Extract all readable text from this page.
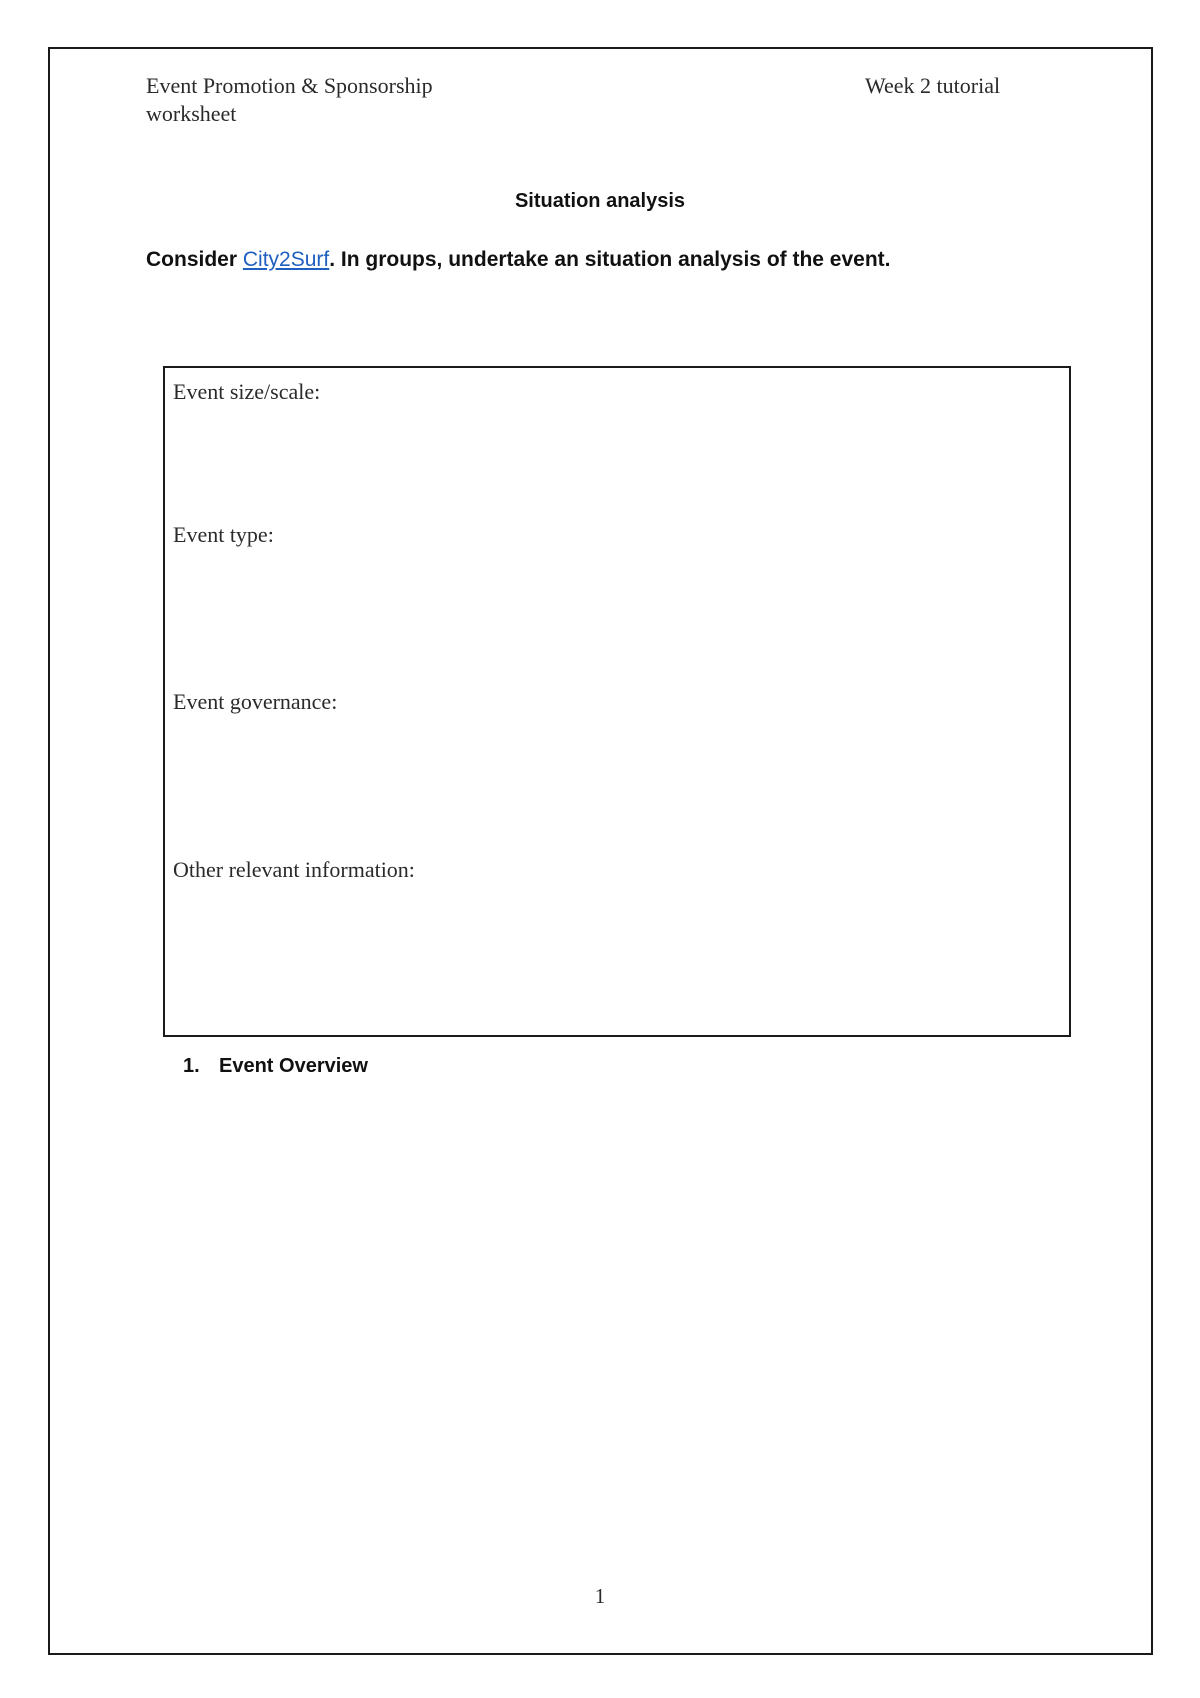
Event Promotion & Sponsorship
worksheet
Week 2 tutorial
Situation analysis
Consider City2Surf. In groups, undertake an situation analysis of the event.
Event size/scale:
Event type:
Event governance:
Other relevant information:
1. Event Overview
1
